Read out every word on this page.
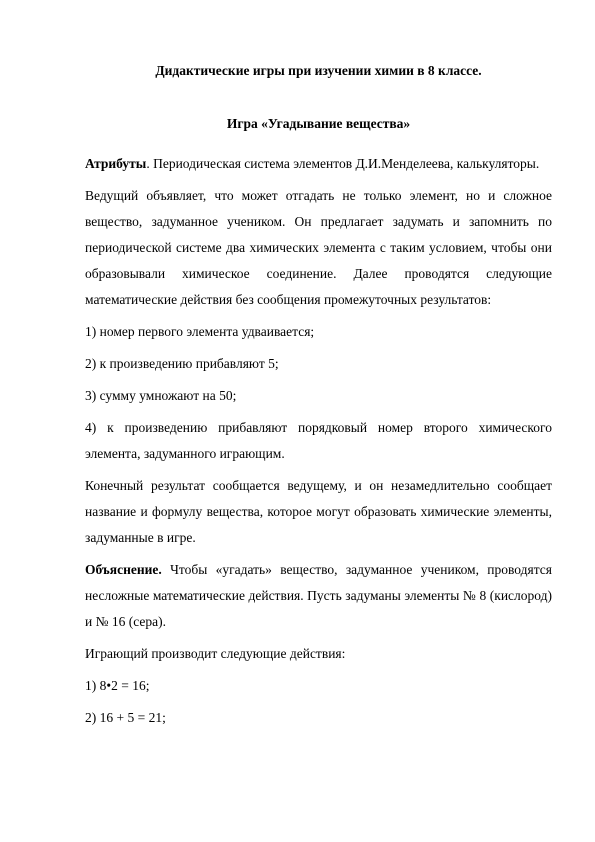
Дидактические игры при изучении химии в 8 классе.

Игра «Угадывание вещества»

Атрибуты. Периодическая система элементов Д.И.Менделеева, калькуляторы.

Ведущий объявляет, что может отгадать не только элемент, но и сложное вещество, задуманное учеником. Он предлагает задумать и запомнить по периодической системе два химических элемента с таким условием, чтобы они образовывали химическое соединение. Далее проводятся следующие математические действия без сообщения промежуточных результатов:

1) номер первого элемента удваивается;

2) к произведению прибавляют 5;

3) сумму умножают на 50;

4) к произведению прибавляют порядковый номер второго химического элемента, задуманного играющим.

Конечный результат сообщается ведущему, и он незамедлительно сообщает название и формулу вещества, которое могут образовать химические элементы, задуманные в игре.

Объяснение. Чтобы «угадать» вещество, задуманное учеником, проводятся несложные математические действия. Пусть задуманы элементы № 8 (кислород) и № 16 (сера).

Играющий производит следующие действия:

1) 8•2 = 16;

2) 16 + 5 = 21;
